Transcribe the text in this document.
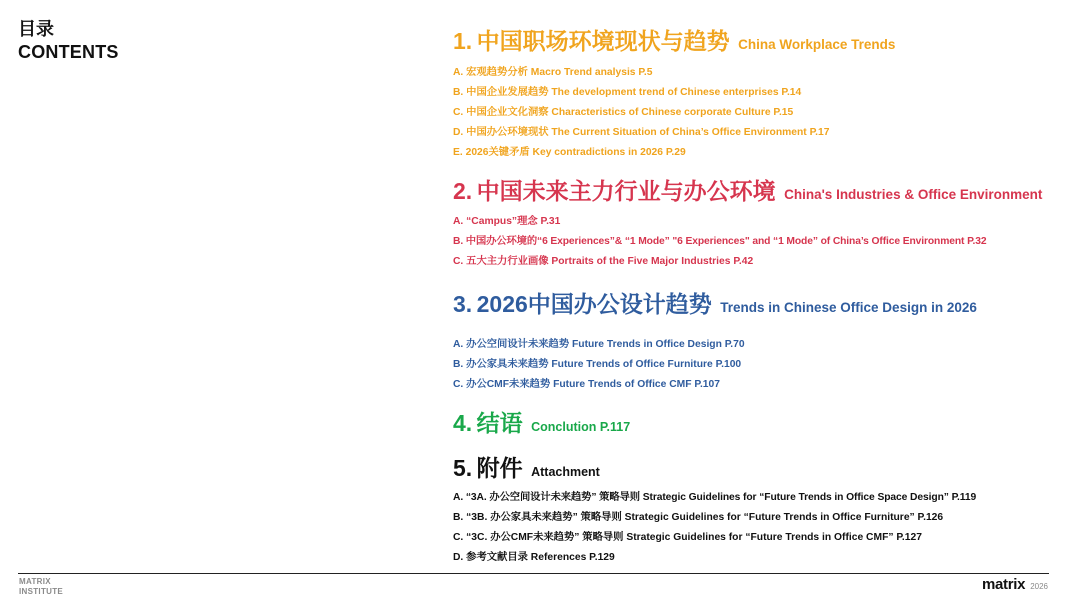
目录
CONTENTS	1. 中国职场环境现状与趋势 China Workplace Trends
A. 宏观趋势分析 Macro Trend analysis P.5
B. 中国企业发展趋势 The development trend of Chinese enterprises P.14
C. 中国企业文化洞察 Characteristics of Chinese corporate Culture P.15
D. 中国办公环境现状 The Current Situation of China’s Office Environment P.17
E. 2026关键矛盾 Key contradictions in 2026 P.29
2. 中国未来主力行业与办公环境 China's Industries & Office Environment
A. “Campus”理念 P.31
B. 中国办公环境的“6 Experiences”& “1 Mode” "6 Experiences" and “1 Mode” of China’s Office Environment P.32
C. 五大主力行业画像 Portraits of the Five Major Industries P.42
3. 2026中国办公设计趋势 Trends in Chinese Office Design in 2026
A. 办公空间设计未来趋势 Future Trends in Office Design P.70
B. 办公家具未来趋势 Future Trends of Office Furniture P.100
C. 办公CMF未来趋势 Future Trends of Office CMF P.107
4. 结语 Conclution P.117
5. 附件 Attachment
A. “3A. 办公空间设计未来趋势” 策略导则 Strategic Guidelines for “Future Trends in Office Space Design” P.119
B. “3B. 办公家具未来趋势” 策略导则 Strategic Guidelines for “Future Trends in Office Furniture” P.126
C. “3C. 办公CMF未来趋势” 策略导则 Strategic Guidelines for “Future Trends in Office CMF” P.127
D. 参考文献目录 References P.129
MATRIX
INSTITUTE	matrix 2026
